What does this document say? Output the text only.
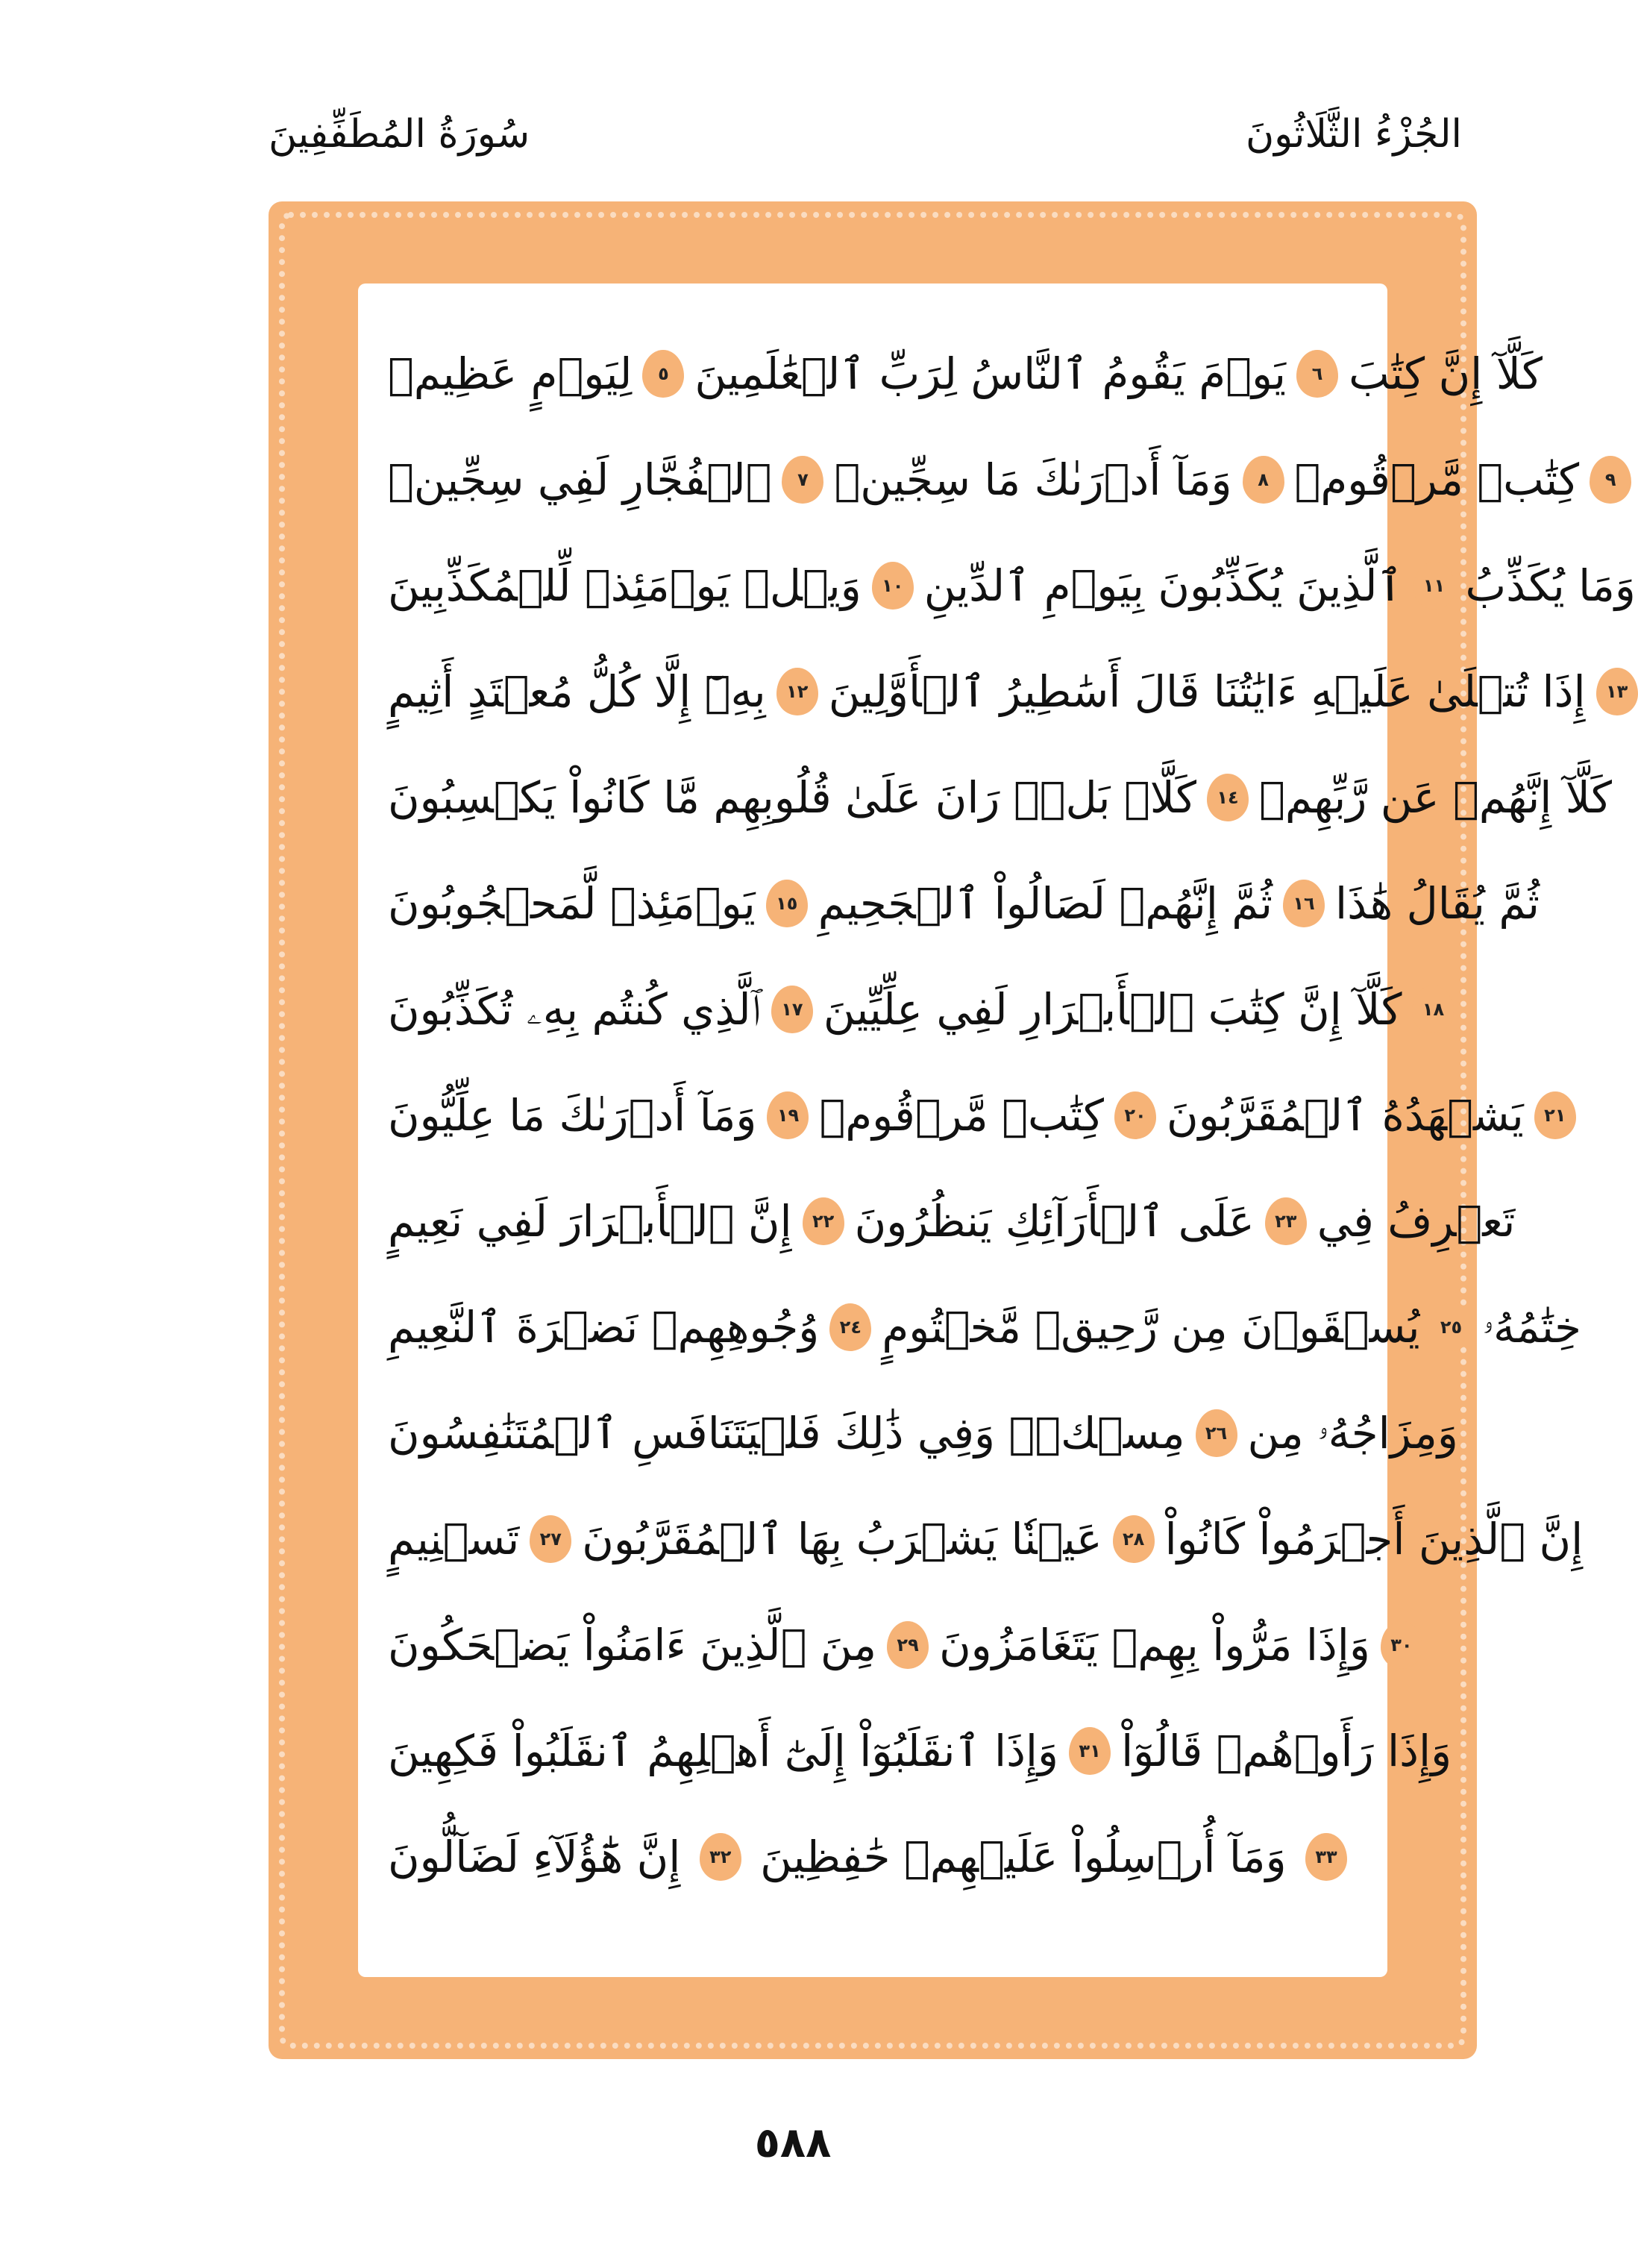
سُورَةُ المُطَفِّفِينَ	الجُزْءُ الثَّلَاثُونَ
لِيَوۡمٍ عَظِيمٖ	٥ يَوۡمَ يَقُومُ ٱلنَّاسُ لِرَبِّ ٱلۡعَٰلَمِينَ	٦ كَلَّآ إِنَّ كِتَٰبَ
ٱلۡفُجَّارِ لَفِي سِجِّينٖ	٧ وَمَآ أَدۡرَىٰكَ مَا سِجِّينٞ	٨ كِتَٰبٞ مَّرۡقُومٞ	٩
وَيۡلٞ يَوۡمَئِذٖ لِّلۡمُكَذِّبِينَ	١٠ ٱلَّذِينَ يُكَذِّبُونَ بِيَوۡمِ ٱلدِّينِ	١١ وَمَا يُكَذِّبُ
بِهِۦٓ إِلَّا كُلُّ مُعۡتَدٍ أَثِيمٍ	١٢ إِذَا تُتۡلَىٰ عَلَيۡهِ ءَايَٰتُنَا قَالَ أَسَٰطِيرُ ٱلۡأَوَّلِينَ	١٣
كَلَّاۖ بَلۡۜ رَانَ عَلَىٰ قُلُوبِهِم مَّا كَانُواْ يَكۡسِبُونَ	١٤ كَلَّآ إِنَّهُمۡ عَن رَّبِّهِمۡ
يَوۡمَئِذٖ لَّمَحۡجُوبُونَ	١٥ ثُمَّ إِنَّهُمۡ لَصَالُواْ ٱلۡجَحِيمِ	١٦ ثُمَّ يُقَالُ هَٰذَا
ٱلَّذِي كُنتُم بِهِۦ تُكَذِّبُونَ	١٧ كَلَّآ إِنَّ كِتَٰبَ ٱلۡأَبۡرَارِ لَفِي عِلِّيِّينَ	١٨
وَمَآ أَدۡرَىٰكَ مَا عِلِّيُّونَ	١٩ كِتَٰبٞ مَّرۡقُومٞ	٢٠ يَشۡهَدُهُ ٱلۡمُقَرَّبُونَ	٢١
إِنَّ ٱلۡأَبۡرَارَ لَفِي نَعِيمٍ	٢٢ عَلَى ٱلۡأَرَآئِكِ يَنظُرُونَ	٢٣ تَعۡرِفُ فِي
وُجُوهِهِمۡ نَضۡرَةَ ٱلنَّعِيمِ	٢٤ يُسۡقَوۡنَ مِن رَّحِيقٖ مَّخۡتُومٍ	٢٥ خِتَٰمُهُۥ
مِسۡكٞۚ وَفِي ذَٰلِكَ فَلۡيَتَنَافَسِ ٱلۡمُتَنَٰفِسُونَ	٢٦ وَمِزَاجُهُۥ مِن
تَسۡنِيمٍ	٢٧ عَيۡنٗا يَشۡرَبُ بِهَا ٱلۡمُقَرَّبُونَ	٢٨ إِنَّ ٱلَّذِينَ أَجۡرَمُواْ كَانُواْ
مِنَ ٱلَّذِينَ ءَامَنُواْ يَضۡحَكُونَ	٢٩ وَإِذَا مَرُّواْ بِهِمۡ يَتَغَامَزُونَ	٣٠
وَإِذَا ٱنقَلَبُوٓاْ إِلَىٰٓ أَهۡلِهِمُ ٱنقَلَبُواْ فَكِهِينَ	٣١ وَإِذَا رَأَوۡهُمۡ قَالُوٓاْ
إِنَّ هَٰٓؤُلَآءِ لَضَآلُّونَ	٣٢ وَمَآ أُرۡسِلُواْ عَلَيۡهِمۡ حَٰفِظِينَ	٣٣
٥٨٨
